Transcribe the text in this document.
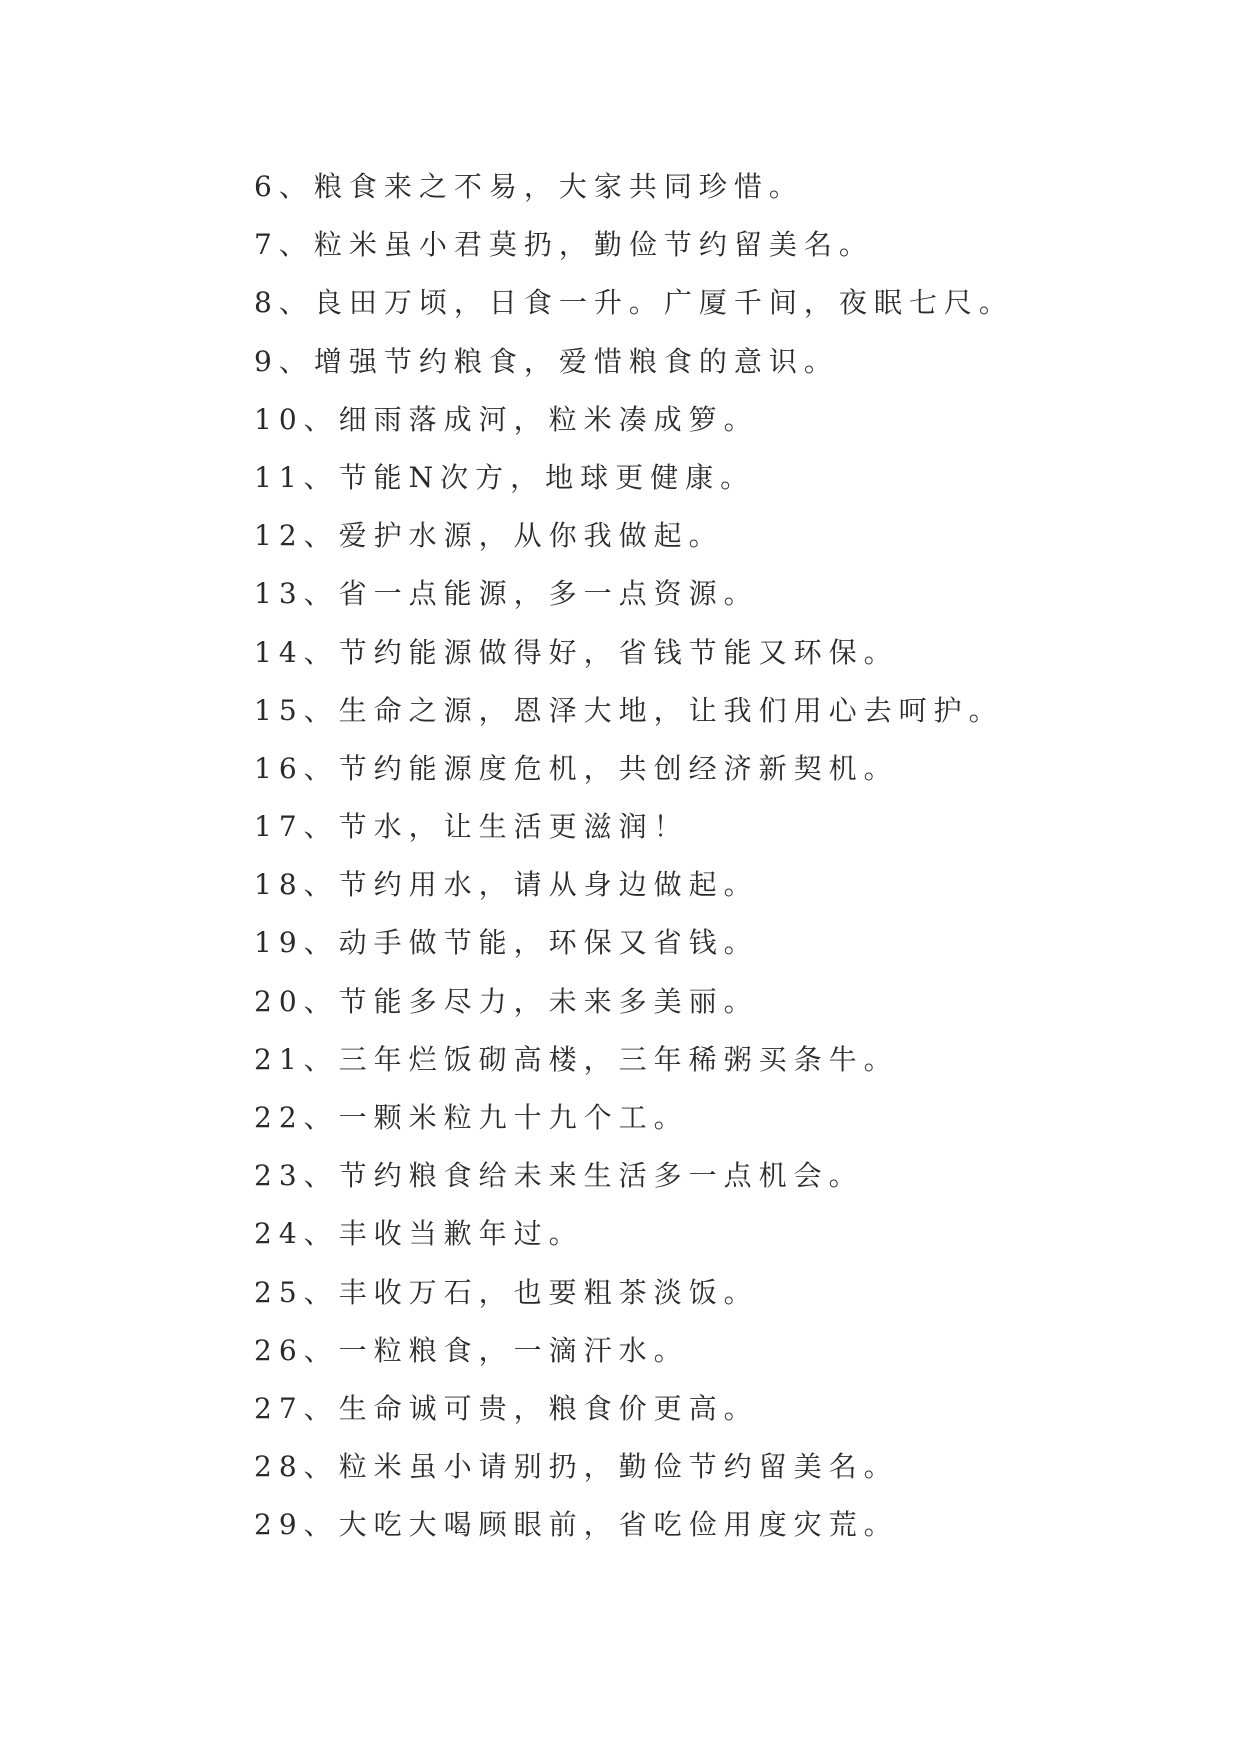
6、粮食来之不易，大家共同珍惜。
7、粒米虽小君莫扔，勤俭节约留美名。
8、良田万顷，日食一升。广厦千间，夜眠七尺。
9、增强节约粮食，爱惜粮食的意识。
10、细雨落成河，粒米凑成箩。
11、节能N次方，地球更健康。
12、爱护水源，从你我做起。
13、省一点能源，多一点资源。
14、节约能源做得好，省钱节能又环保。
15、生命之源，恩泽大地，让我们用心去呵护。
16、节约能源度危机，共创经济新契机。
17、节水，让生活更滋润！
18、节约用水，请从身边做起。
19、动手做节能，环保又省钱。
20、节能多尽力，未来多美丽。
21、三年烂饭砌高楼，三年稀粥买条牛。
22、一颗米粒九十九个工。
23、节约粮食给未来生活多一点机会。
24、丰收当歉年过。
25、丰收万石，也要粗茶淡饭。
26、一粒粮食，一滴汗水。
27、生命诚可贵，粮食价更高。
28、粒米虽小请别扔，勤俭节约留美名。
29、大吃大喝顾眼前，省吃俭用度灾荒。
